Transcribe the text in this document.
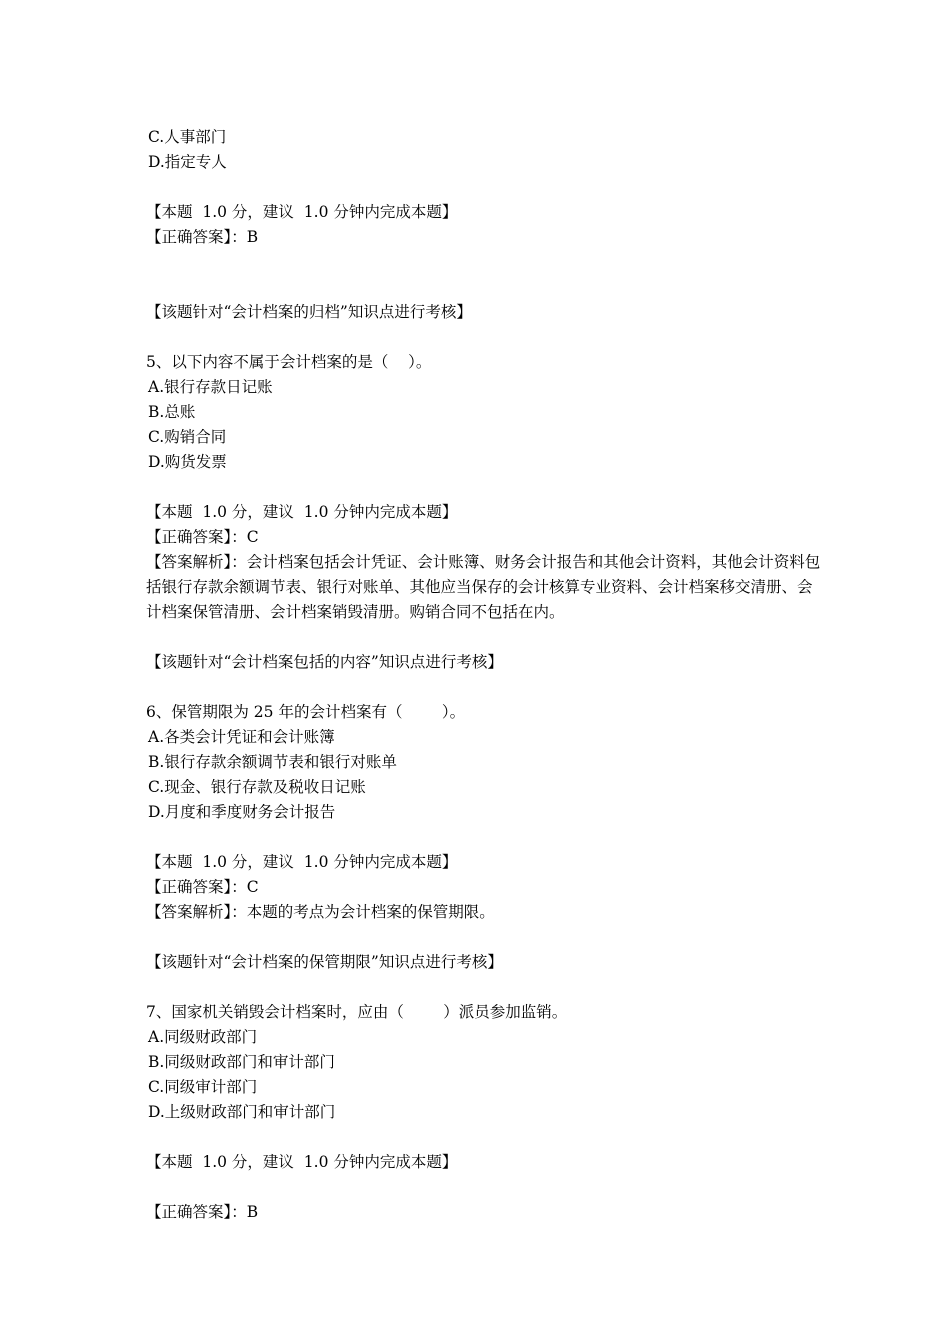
C.人事部门
D.指定专人
【本题  1.0 分，建议  1.0 分钟内完成本题】
【正确答案】：B
【该题针对“会计档案的归档”知识点进行考核】
5、以下内容不属于会计档案的是（    ）。
A.银行存款日记账
B.总账
C.购销合同
D.购货发票
【本题  1.0 分，建议  1.0 分钟内完成本题】
【正确答案】：C
【答案解析】：会计档案包括会计凭证、会计账簿、财务会计报告和其他会计资料，其他会计资料包括银行存款余额调节表、银行对账单、其他应当保存的会计核算专业资料、会计档案移交清册、会计档案保管清册、会计档案销毁清册。购销合同不包括在内。
【该题针对“会计档案包括的内容”知识点进行考核】
6、保管期限为 25 年的会计档案有（        ）。
A.各类会计凭证和会计账簿
B.银行存款余额调节表和银行对账单
C.现金、银行存款及税收日记账
D.月度和季度财务会计报告
【本题  1.0 分，建议  1.0 分钟内完成本题】
【正确答案】：C
【答案解析】：本题的考点为会计档案的保管期限。
【该题针对“会计档案的保管期限”知识点进行考核】
7、国家机关销毁会计档案时，应由（        ）派员参加监销。
A.同级财政部门
B.同级财政部门和审计部门
C.同级审计部门
D.上级财政部门和审计部门
【本题  1.0 分，建议  1.0 分钟内完成本题】
【正确答案】：B
